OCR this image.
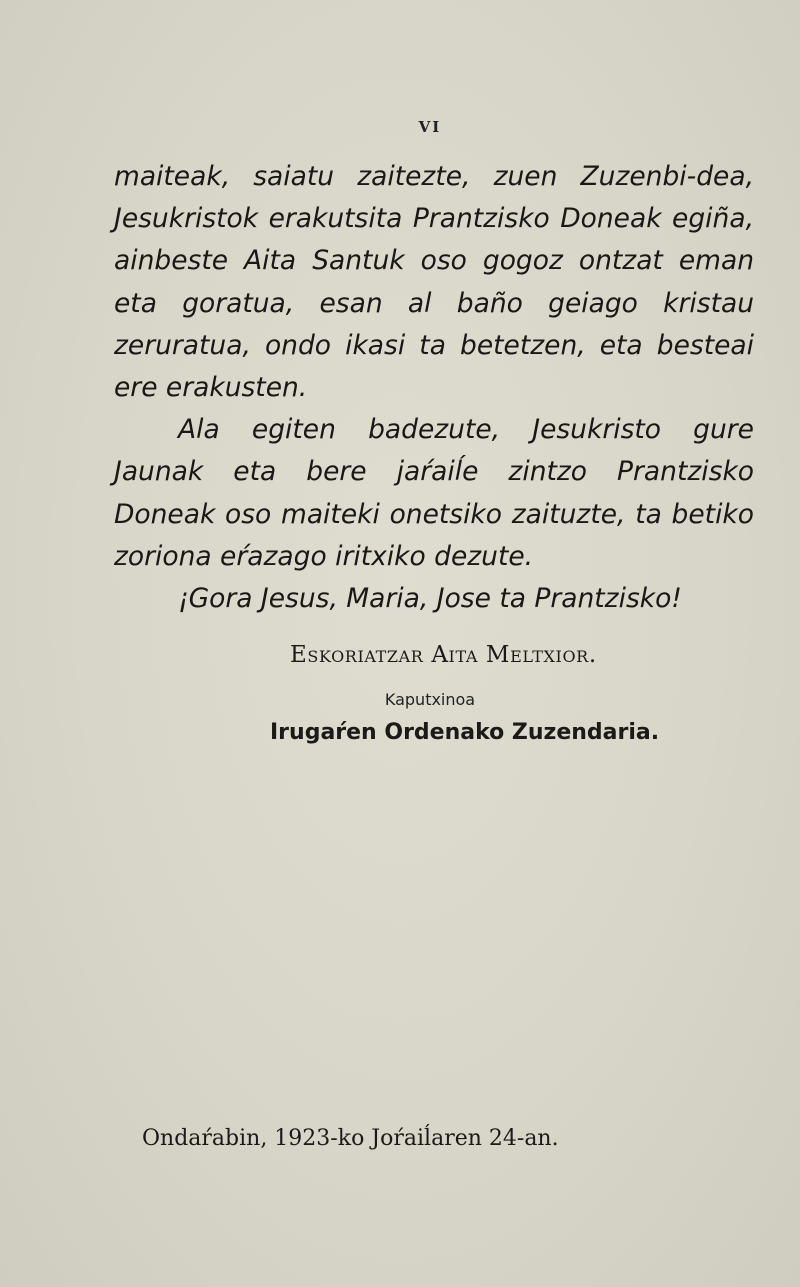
VI

maiteak, saiatu zaitezte, zuen Zuzenbi-dea, Jesukristok erakutsita Prantzisko Doneak egiña, ainbeste Aita Santuk oso gogoz ontzat eman eta goratua, esan al baño geiago kristau zeruratua, ondo ikasi ta betetzen, eta besteai ere erakusten.

Ala egiten badezute, Jesukristo gure Jaunak eta bere jaŕaiĺe zintzo Prantzisko Doneak oso maiteki onetsiko zaituzte, ta betiko zoriona eŕazago iritxiko dezute.

¡Gora Jesus, Maria, Jose ta Prantzisko!

Eskoriatzar Aita Meltxior.
Kaputxinoa
Irugaŕen Ordenako Zuzendaria.
Ondaŕabin, 1923-ko Joŕaiĺaren 24-an.
